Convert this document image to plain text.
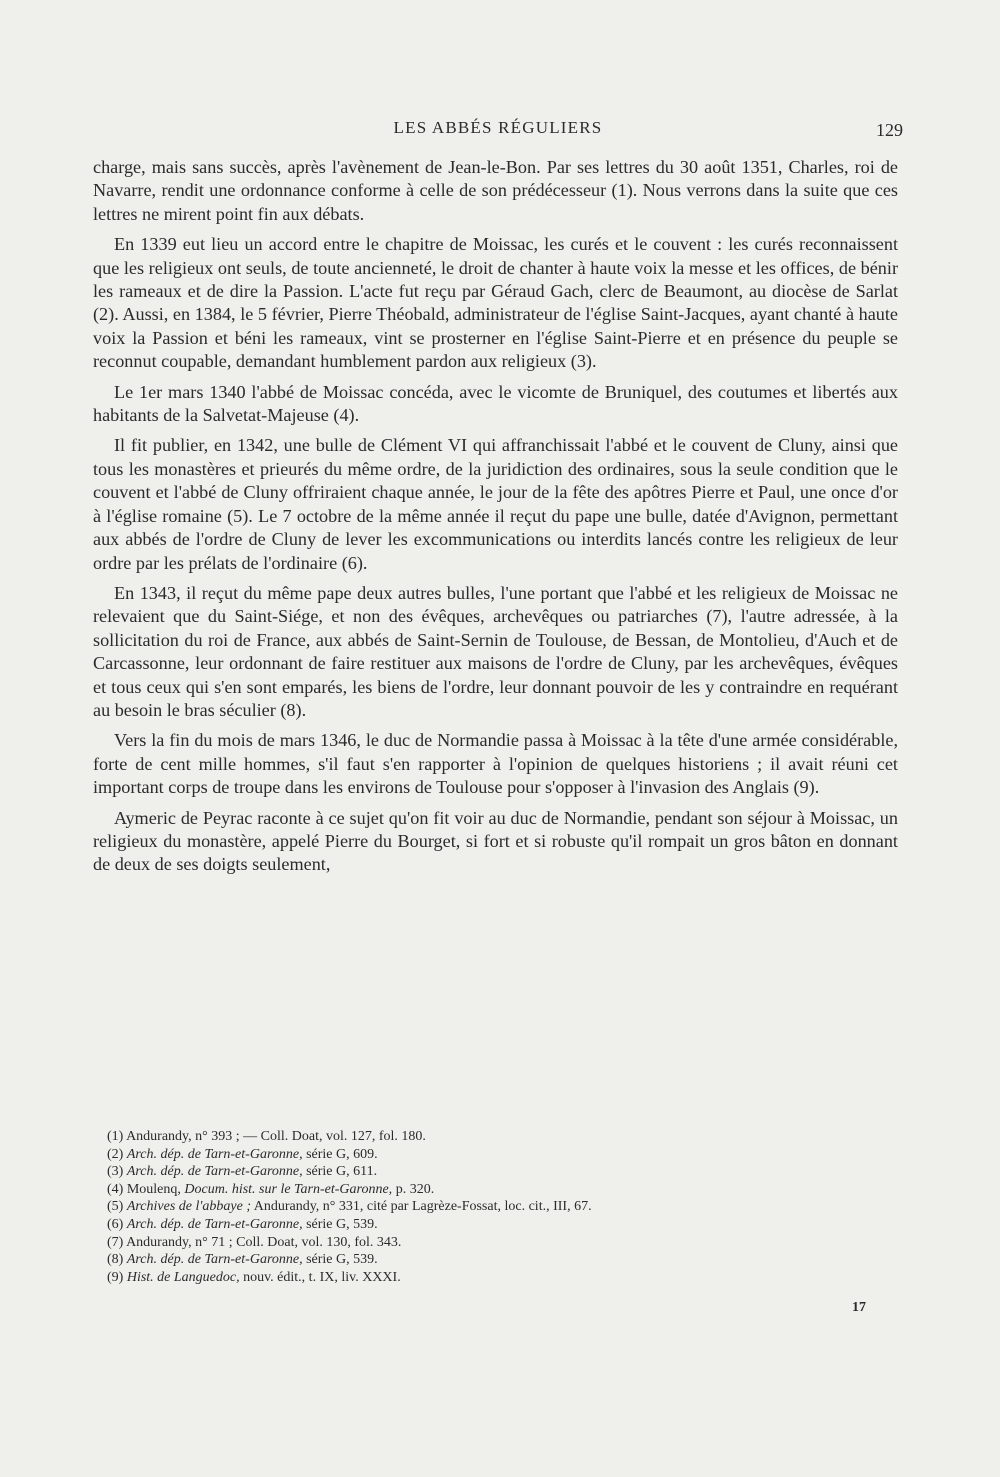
LES ABBÉS RÉGULIERS	129

charge, mais sans succès, après l'avènement de Jean-le-Bon. Par ses lettres du 30 août 1351, Charles, roi de Navarre, rendit une ordonnance conforme à celle de son prédécesseur (1). Nous verrons dans la suite que ces lettres ne mirent point fin aux débats.

En 1339 eut lieu un accord entre le chapitre de Moissac, les curés et le couvent : les curés reconnaissent que les religieux ont seuls, de toute ancienneté, le droit de chanter à haute voix la messe et les offices, de bénir les rameaux et de dire la Passion. L'acte fut reçu par Géraud Gach, clerc de Beaumont, au diocèse de Sarlat (2). Aussi, en 1384, le 5 février, Pierre Théobald, administrateur de l'église Saint-Jacques, ayant chanté à haute voix la Passion et béni les rameaux, vint se prosterner en l'église Saint-Pierre et en présence du peuple se reconnut coupable, demandant humblement pardon aux religieux (3).

Le 1er mars 1340 l'abbé de Moissac concéda, avec le vicomte de Bruniquel, des coutumes et libertés aux habitants de la Salvetat-Majeuse (4).

Il fit publier, en 1342, une bulle de Clément VI qui affranchissait l'abbé et le couvent de Cluny, ainsi que tous les monastères et prieurés du même ordre, de la juridiction des ordinaires, sous la seule condition que le couvent et l'abbé de Cluny offriraient chaque année, le jour de la fête des apôtres Pierre et Paul, une once d'or à l'église romaine (5). Le 7 octobre de la même année il reçut du pape une bulle, datée d'Avignon, permettant aux abbés de l'ordre de Cluny de lever les excommunications ou interdits lancés contre les religieux de leur ordre par les prélats de l'ordinaire (6).

En 1343, il reçut du même pape deux autres bulles, l'une portant que l'abbé et les religieux de Moissac ne relevaient que du Saint-Siége, et non des évêques, archevêques ou patriarches (7), l'autre adressée, à la sollicitation du roi de France, aux abbés de Saint-Sernin de Toulouse, de Bessan, de Montolieu, d'Auch et de Carcassonne, leur ordonnant de faire restituer aux maisons de l'ordre de Cluny, par les archevêques, évêques et tous ceux qui s'en sont emparés, les biens de l'ordre, leur donnant pouvoir de les y contraindre en requérant au besoin le bras séculier (8).

Vers la fin du mois de mars 1346, le duc de Normandie passa à Moissac à la tête d'une armée considérable, forte de cent mille hommes, s'il faut s'en rapporter à l'opinion de quelques historiens ; il avait réuni cet important corps de troupe dans les environs de Toulouse pour s'opposer à l'invasion des Anglais (9).

Aymeric de Peyrac raconte à ce sujet qu'on fit voir au duc de Normandie, pendant son séjour à Moissac, un religieux du monastère, appelé Pierre du Bourget, si fort et si robuste qu'il rompait un gros bâton en donnant de deux de ses doigts seulement,

(1) Andurandy, n° 393 ; — Coll. Doat, vol. 127, fol. 180.
(2) Arch. dép. de Tarn-et-Garonne, série G, 609.
(3) Arch. dép. de Tarn-et-Garonne, série G, 611.
(4) Moulenq, Docum. hist. sur le Tarn-et-Garonne, p. 320.
(5) Archives de l'abbaye ; Andurandy, n° 331, cité par Lagrèze-Fossat, loc. cit., III, 67.
(6) Arch. dép. de Tarn-et-Garonne, série G, 539.
(7) Andurandy, n° 71 ; Coll. Doat, vol. 130, fol. 343.
(8) Arch. dép. de Tarn-et-Garonne, série G, 539.
(9) Hist. de Languedoc, nouv. édit., t. IX, liv. XXXI.
17
